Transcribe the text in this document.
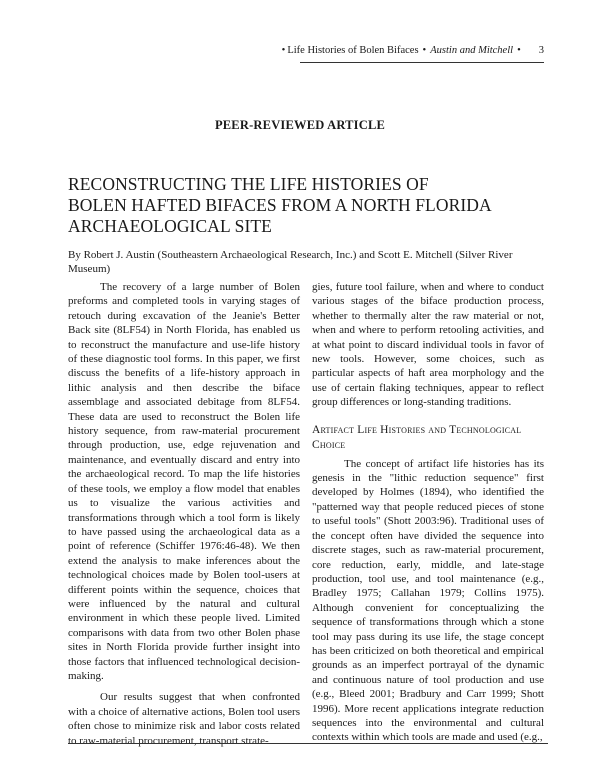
• Life Histories of Bolen Bifaces • Austin and Mitchell • 3
PEER-REVIEWED ARTICLE
RECONSTRUCTING THE LIFE HISTORIES OF
BOLEN HAFTED BIFACES FROM A NORTH FLORIDA
ARCHAEOLOGICAL SITE
By Robert J. Austin (Southeastern Archaeological Research, Inc.) and Scott E. Mitchell (Silver River Museum)

The recovery of a large number of Bolen preforms and completed tools in varying stages of retouch during excavation of the Jeanie's Better Back site (8LF54) in North Florida, has enabled us to reconstruct the manufacture and use-life history of these diagnostic tool forms. In this paper, we first discuss the benefits of a life-history approach in lithic analysis and then describe the biface assemblage and associated debitage from 8LF54. These data are used to reconstruct the Bolen life history sequence, from raw-material procurement through production, use, edge rejuvenation and maintenance, and eventually discard and entry into the archaeological record. To map the life histories of these tools, we employ a flow model that enables us to visualize the various activities and transformations through which a tool form is likely to have passed using the archaeological data as a point of reference (Schiffer 1976:46-48). We then extend the analysis to make inferences about the technological choices made by Bolen tool-users at different points within the sequence, choices that were influenced by the natural and cultural environment in which these people lived. Limited comparisons with data from two other Bolen phase sites in North Florida provide further insight into those factors that influenced technological decision-making.

Our results suggest that when confronted with a choice of alternative actions, Bolen tool users often chose to minimize risk and labor costs related to raw-material procurement, transport strate-

gies, future tool failure, when and where to conduct various stages of the biface production process, whether to thermally alter the raw material or not, when and where to perform retooling activities, and at what point to discard individual tools in favor of new tools. However, some choices, such as particular aspects of haft area morphology and the use of certain flaking techniques, appear to reflect group differences or long-standing traditions.

Artifact Life Histories and Technological Choice

The concept of artifact life histories has its genesis in the "lithic reduction sequence" first developed by Holmes (1894), who identified the "patterned way that people reduced pieces of stone to useful tools" (Shott 2003:96). Traditional uses of the concept often have divided the sequence into discrete stages, such as raw-material procurement, core reduction, early, middle, and late-stage production, tool use, and tool maintenance (e.g., Bradley 1975; Callahan 1979; Collins 1975). Although convenient for conceptualizing the sequence of transformations through which a stone tool may pass during its use life, the stage concept has been criticized on both theoretical and empirical grounds as an imperfect portrayal of the dynamic and continuous nature of tool production and use (e.g., Bleed 2001; Bradbury and Carr 1999; Shott 1996). More recent applications integrate reduction sequences into the environmental and cultural contexts within which tools are made and used (e.g.,
